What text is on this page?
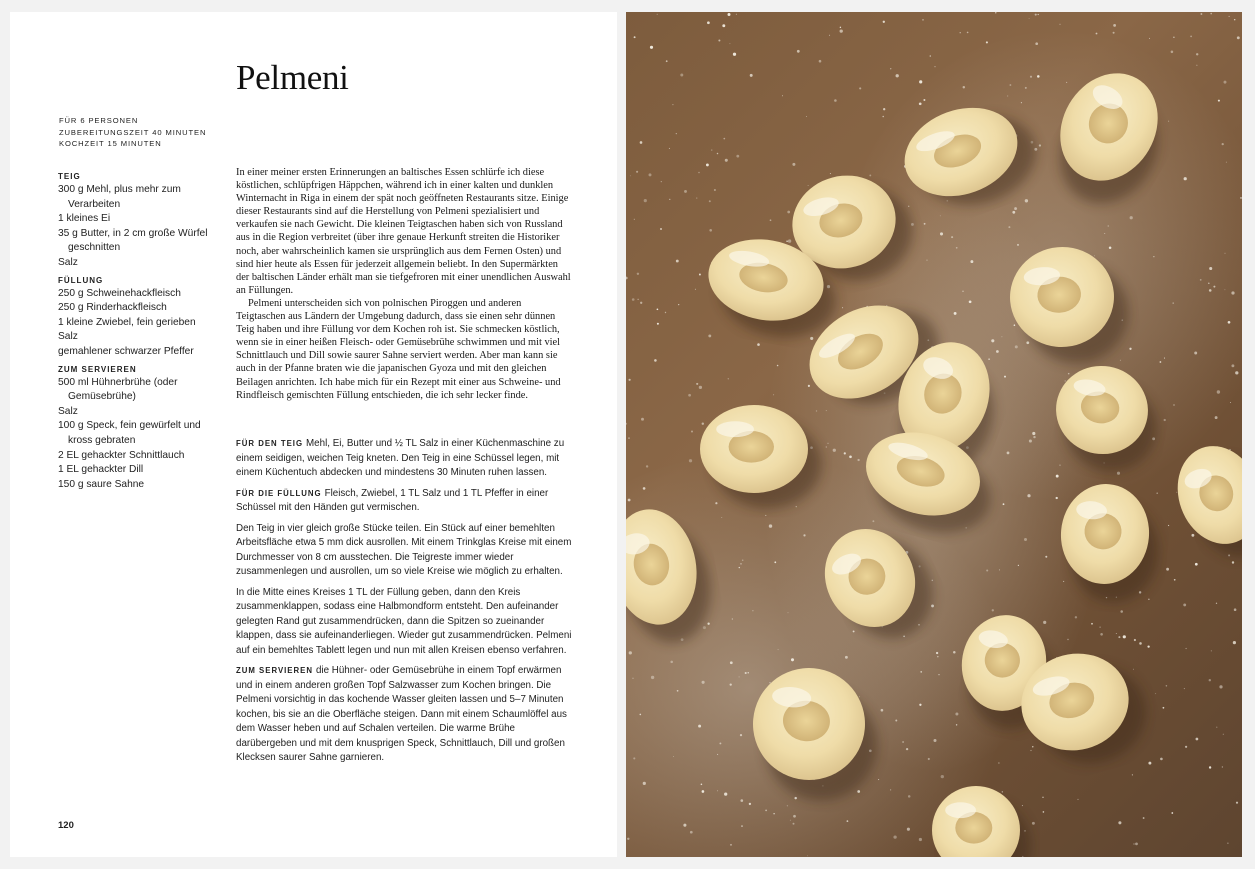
Pelmeni
FÜR 6 PERSONEN
ZUBEREITUNGSZEIT 40 MINUTEN
KOCHZEIT 15 MINUTEN
TEIG
300 g Mehl, plus mehr zum Verarbeiten
1 kleines Ei
35 g Butter, in 2 cm große Würfel geschnitten
Salz
FÜLLUNG
250 g Schweinehackfleisch
250 g Rinderhackfleisch
1 kleine Zwiebel, fein gerieben
Salz
gemahlener schwarzer Pfeffer
ZUM SERVIEREN
500 ml Hühnerbrühe (oder Gemüsebrühe)
Salz
100 g Speck, fein gewürfelt und kross gebraten
2 EL gehackter Schnittlauch
1 EL gehackter Dill
150 g saure Sahne

In einer meiner ersten Erinnerungen an baltisches Essen schlürfe ich diese köstlichen, schlüpfrigen Häppchen, während ich in einer kalten und dunklen Winternacht in Riga in einem der spät noch geöffneten Restaurants sitze. Einige dieser Restaurants sind auf die Herstellung von Pelmeni spezialisiert und verkaufen sie nach Gewicht. Die kleinen Teigtaschen haben sich von Russland aus in die Region verbreitet (über ihre genaue Herkunft streiten die Historiker noch, aber wahrscheinlich kamen sie ursprünglich aus dem Fernen Osten) und sind hier heute als Essen für jederzeit allgemein beliebt. In den Supermärkten der baltischen Länder erhält man sie tiefgefroren mit einer unendlichen Auswahl an Füllungen.

Pelmeni unterscheiden sich von polnischen Piroggen und anderen Teigtaschen aus Ländern der Umgebung dadurch, dass sie einen sehr dünnen Teig haben und ihre Füllung vor dem Kochen roh ist. Sie schmecken köstlich, wenn sie in einer heißen Fleisch- oder Gemüsebrühe schwimmen und mit viel Schnittlauch und Dill sowie saurer Sahne serviert werden. Aber man kann sie auch in der Pfanne braten wie die japanischen Gyoza und mit den gleichen Beilagen anrichten. Ich habe mich für ein Rezept mit einer aus Schweine- und Rindfleisch gemischten Füllung entschieden, die ich sehr lecker finde.

FÜR DEN TEIG Mehl, Ei, Butter und ½ TL Salz in einer Küchenmaschine zu einem seidigen, weichen Teig kneten. Den Teig in eine Schüssel legen, mit einem Küchentuch abdecken und mindestens 30 Minuten ruhen lassen.

FÜR DIE FÜLLUNG Fleisch, Zwiebel, 1 TL Salz und 1 TL Pfeffer in einer Schüssel mit den Händen gut vermischen.

Den Teig in vier gleich große Stücke teilen. Ein Stück auf einer bemehlten Arbeitsfläche etwa 5 mm dick ausrollen. Mit einem Trinkglas Kreise mit einem Durchmesser von 8 cm ausstechen. Die Teigreste immer wieder zusammenlegen und ausrollen, um so viele Kreise wie möglich zu erhalten.

In die Mitte eines Kreises 1 TL der Füllung geben, dann den Kreis zusammenklappen, sodass eine Halbmondform entsteht. Den aufeinander gelegten Rand gut zusammendrücken, dann die Spitzen so zueinander klappen, dass sie aufeinanderliegen. Wieder gut zusammendrücken. Pelmeni auf ein bemehltes Tablett legen und nun mit allen Kreisen ebenso verfahren.

ZUM SERVIEREN die Hühner- oder Gemüsebrühe in einem Topf erwärmen und in einem anderen großen Topf Salzwasser zum Kochen bringen. Die Pelmeni vorsichtig in das kochende Wasser gleiten lassen und 5–7 Minuten kochen, bis sie an die Oberfläche steigen. Dann mit einem Schaumlöffel aus dem Wasser heben und auf Schalen verteilen. Die warme Brühe darübergeben und mit dem knusprigen Speck, Schnittlauch, Dill und großen Klecksen saurer Sahne garnieren.

120
